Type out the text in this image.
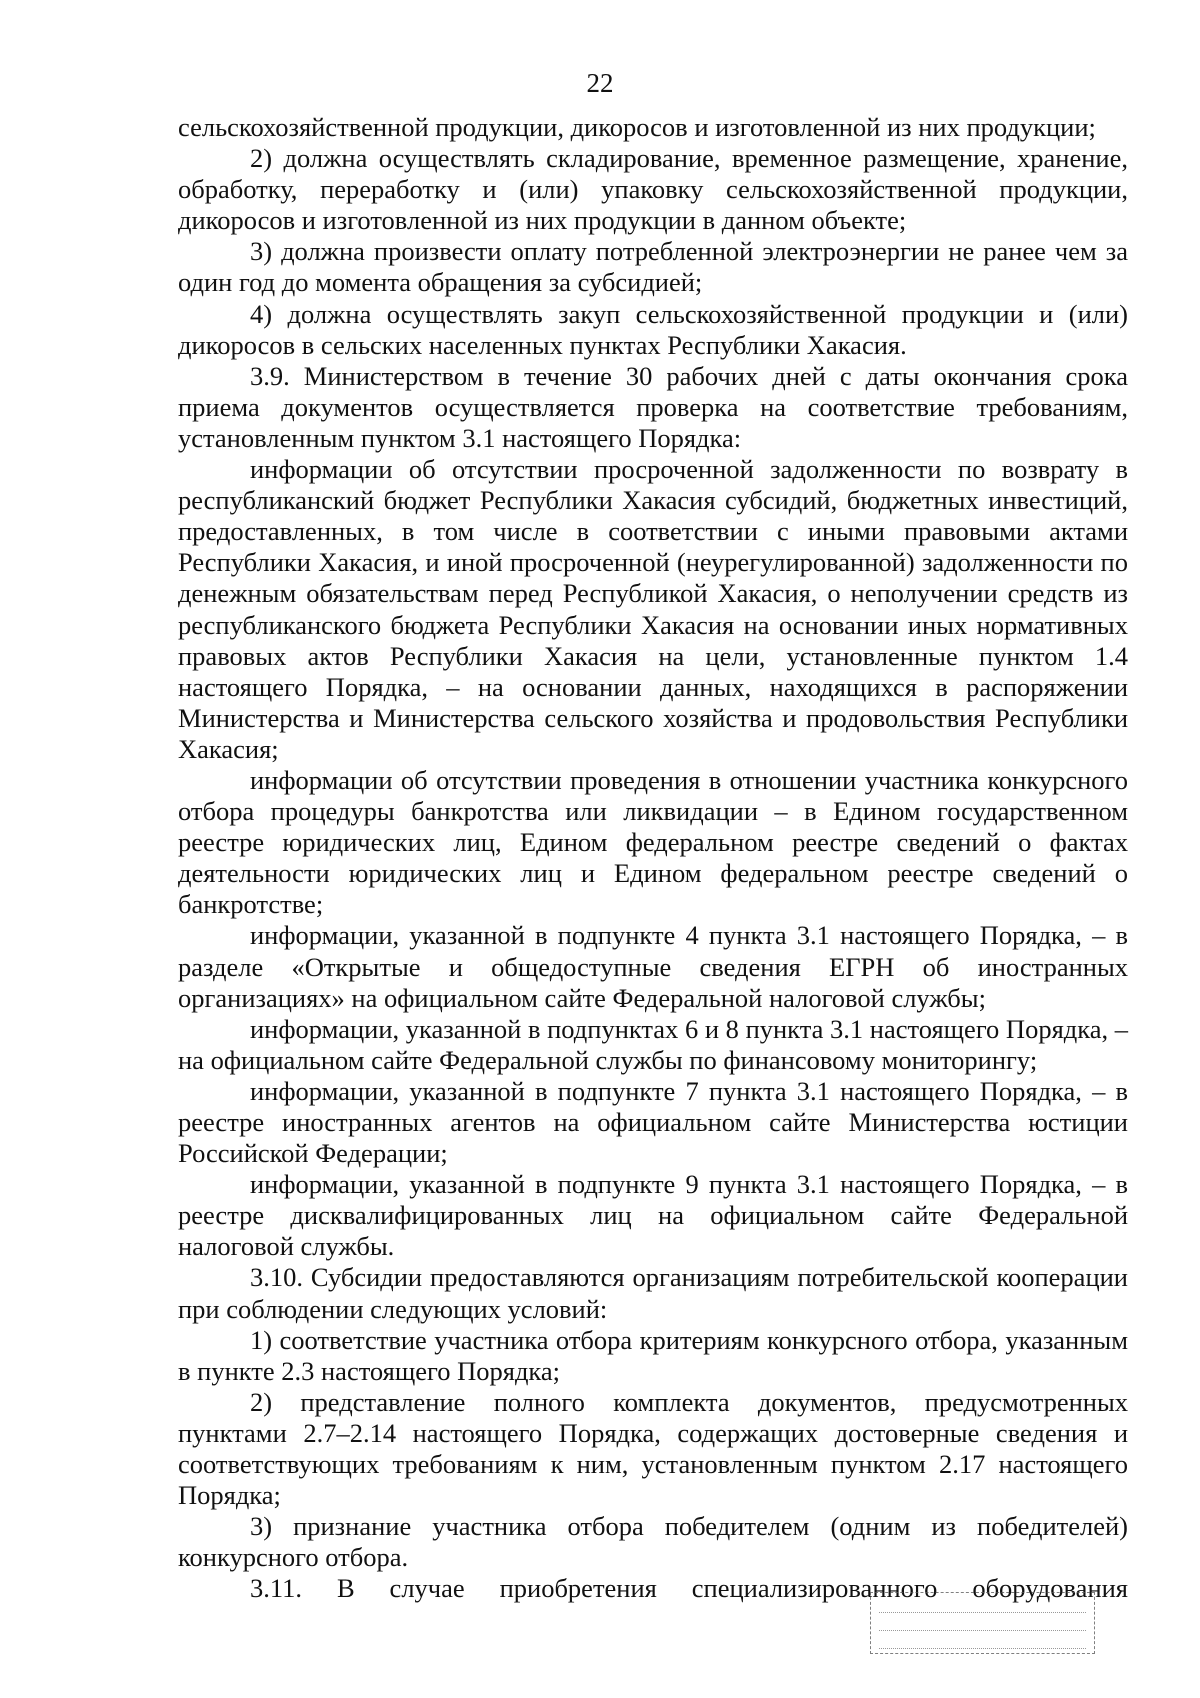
22

сельскохозяйственной продукции, дикоросов и изготовленной из них продукции;

2) должна осуществлять складирование, временное размещение, хранение, обработку, переработку и (или) упаковку сельскохозяйственной продукции, дикоросов и изготовленной из них продукции в данном объекте;

3) должна произвести оплату потребленной электроэнергии не ранее чем за один год до момента обращения за субсидией;

4) должна осуществлять закуп сельскохозяйственной продукции и (или) дикоросов в сельских населенных пунктах Республики Хакасия.

3.9. Министерством в течение 30 рабочих дней с даты окончания срока приема документов осуществляется проверка на соответствие требованиям, установленным пунктом 3.1 настоящего Порядка:

информации об отсутствии просроченной задолженности по возврату в республиканский бюджет Республики Хакасия субсидий, бюджетных инвестиций, предоставленных, в том числе в соответствии с иными правовыми актами Республики Хакасия, и иной просроченной (неурегулированной) задолженности по денежным обязательствам перед Республикой Хакасия, о неполучении средств из республиканского бюджета Республики Хакасия на основании иных нормативных правовых актов Республики Хакасия на цели, установленные пунктом 1.4 настоящего Порядка, – на основании данных, находящихся в распоряжении Министерства и Министерства сельского хозяйства и продовольствия Республики Хакасия;

информации об отсутствии проведения в отношении участника конкурсного отбора процедуры банкротства или ликвидации – в Едином государственном реестре юридических лиц, Едином федеральном реестре сведений о фактах деятельности юридических лиц и Едином федеральном реестре сведений о банкротстве;

информации, указанной в подпункте 4 пункта 3.1 настоящего Порядка, – в разделе «Открытые и общедоступные сведения ЕГРН об иностранных организациях» на официальном сайте Федеральной налоговой службы;

информации, указанной в подпунктах 6 и 8 пункта 3.1 настоящего Порядка, – на официальном сайте Федеральной службы по финансовому мониторингу;

информации, указанной в подпункте 7 пункта 3.1 настоящего Порядка, – в реестре иностранных агентов на официальном сайте Министерства юстиции Российской Федерации;

информации, указанной в подпункте 9 пункта 3.1 настоящего Порядка, – в реестре дисквалифицированных лиц на официальном сайте Федеральной налоговой службы.

3.10. Субсидии предоставляются организациям потребительской кооперации при соблюдении следующих условий:

1) соответствие участника отбора критериям конкурсного отбора, указанным в пункте 2.3 настоящего Порядка;

2) представление полного комплекта документов, предусмотренных пунктами 2.7–2.14 настоящего Порядка, содержащих достоверные сведения и соответствующих требованиям к ним, установленным пунктом 2.17 настоящего Порядка;

3) признание участника отбора победителем (одним из победителей) конкурсного отбора.

3.11. В случае приобретения специализированного оборудования
